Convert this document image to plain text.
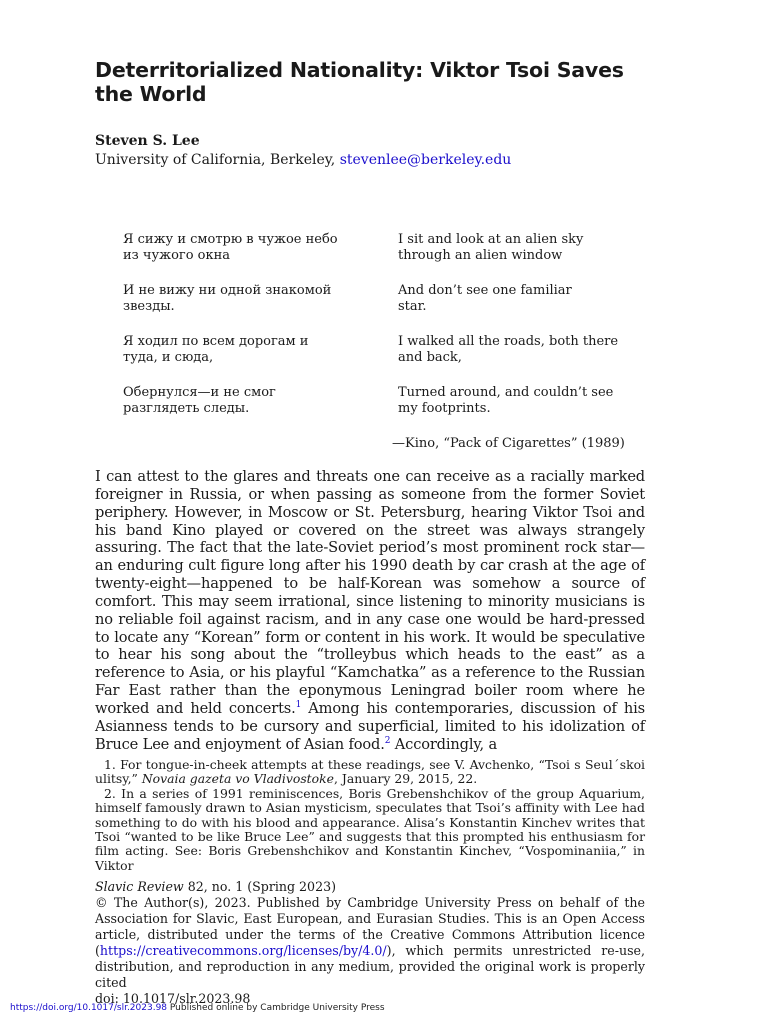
Deterritorialized Nationality: Viktor Tsoi Saves
the World
Steven S. Lee
University of California, Berkeley, stevenlee@berkeley.edu
Я сижу и смотрю в чужое небо
из чужого окна
I sit and look at an alien sky
through an alien window
И не вижу ни одной знакомой
звезды.
And don’t see one familiar
star.
Я ходил по всем дорогам и
туда, и сюда,
I walked all the roads, both there
and back,
Обернулся—и не смог
разглядеть следы.
Turned around, and couldn’t see
my footprints.
—Kino, “Pack of Cigarettes” (1989)

I can attest to the glares and threats one can receive as a racially marked foreigner in Russia, or when passing as someone from the former Soviet periphery. However, in Moscow or St. Petersburg, hearing Viktor Tsoi and his band Kino played or covered on the street was always strangely assuring. The fact that the late-Soviet period’s most prominent rock star—an enduring cult figure long after his 1990 death by car crash at the age of twenty-eight—happened to be half-Korean was somehow a source of comfort. This may seem irrational, since listening to minority musicians is no reliable foil against racism, and in any case one would be hard-pressed to locate any “Korean” form or content in his work. It would be speculative to hear his song about the “trolleybus which heads to the east” as a reference to Asia, or his playful “Kamchatka” as a reference to the Russian Far East rather than the eponymous Leningrad boiler room where he worked and held concerts.$^1$ Among his contemporaries, discussion of his Asianness tends to be cursory and superficial, limited to his idolization of Bruce Lee and enjoyment of Asian food.$^2$ Accordingly, a

1. For tongue-in-cheek attempts at these readings, see V. Avchenko, “Tsoi s Seulˊskoi ulitsy,” Novaia gazeta vo Vladivostoke, January 29, 2015, 22.

2. In a series of 1991 reminiscences, Boris Grebenshchikov of the group Aquarium, himself famously drawn to Asian mysticism, speculates that Tsoi’s affinity with Lee had something to do with his blood and appearance. Alisa’s Konstantin Kinchev writes that Tsoi “wanted to be like Bruce Lee” and suggests that this prompted his enthusiasm for film acting. See: Boris Grebenshchikov and Konstantin Kinchev, “Vospominaniia,” in Viktor

Slavic Review 82, no. 1 (Spring 2023)

© The Author(s), 2023. Published by Cambridge University Press on behalf of the Association for Slavic, East European, and Eurasian Studies. This is an Open Access article, distributed under the terms of the Creative Commons Attribution licence (https://creativecommons.org/licenses/by/4.0/), which permits unrestricted re-use, distribution, and reproduction in any medium, provided the original work is properly cited

doi: 10.1017/slr.2023.98

https://doi.org/10.1017/slr.2023.98 Published online by Cambridge University Press
